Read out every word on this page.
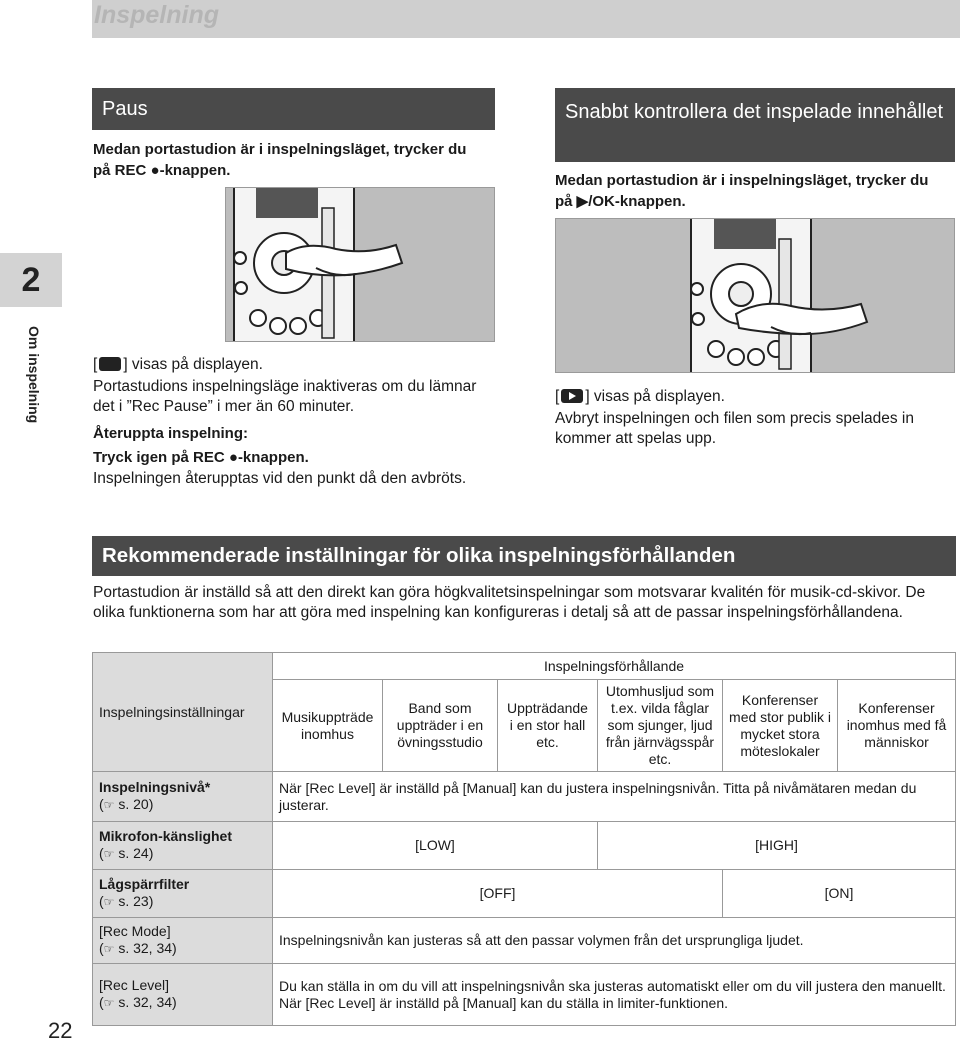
Inspelning
2
Om inspelning
22
Paus
Medan portastudion är i inspelningsläget, trycker du på REC ●-knappen.
[ ] visas på displayen.
Portastudions inspelningsläge inaktiveras om du lämnar det i ”Rec Pause” i mer än 60 minuter.
Återuppta inspelning:
Tryck igen på REC ●-knappen.
Inspelningen återupptas vid den punkt då den avbröts.
Snabbt kontrollera det inspelade innehållet
Medan portastudion är i inspelningsläget, trycker du på ▶/OK-knappen.
[ ] visas på displayen.
Avbryt inspelningen och filen som precis spelades in kommer att spelas upp.
Rekommenderade inställningar för olika inspelningsförhållanden
Portastudion är inställd så att den direkt kan göra högkvalitetsinspelningar som motsvarar kvalitén för musik-cd-skivor. De olika funktionerna som har att göra med inspelning kan konfigureras i detalj så att de passar inspelningsförhållandena.
Inspelningsinställningar	Inspelningsförhållande					
	Musikuppträde inomhus	Band som uppträder i en övningsstudio	Uppträdande i en stor hall etc.	Utomhusljud som t.ex. vilda fåglar som sjunger, ljud från järnvägsspår etc.	Konferenser med stor publik i mycket stora möteslokaler	Konferenser inomhus med få människor

Inspelningsnivå*
(☞ s. 20)	När [Rec Level] är inställd på [Manual] kan du justera inspelningsnivån. Titta på nivåmätaren medan du justerar.					

Mikrofon-känslighet
(☞ s. 24)	[LOW]			[HIGH]		

Lågspärrfilter
(☞ s. 23)	[OFF]				[ON]	

[Rec Mode]
(☞ s. 32, 34)	Inspelningsnivån kan justeras så att den passar volymen från det ursprungliga ljudet.					

[Rec Level]
(☞ s. 32, 34)	Du kan ställa in om du vill att inspelningsnivån ska justeras automatiskt eller om du vill justera den manuellt. När [Rec Level] är inställd på [Manual] kan du ställa in limiter-funktionen.					
